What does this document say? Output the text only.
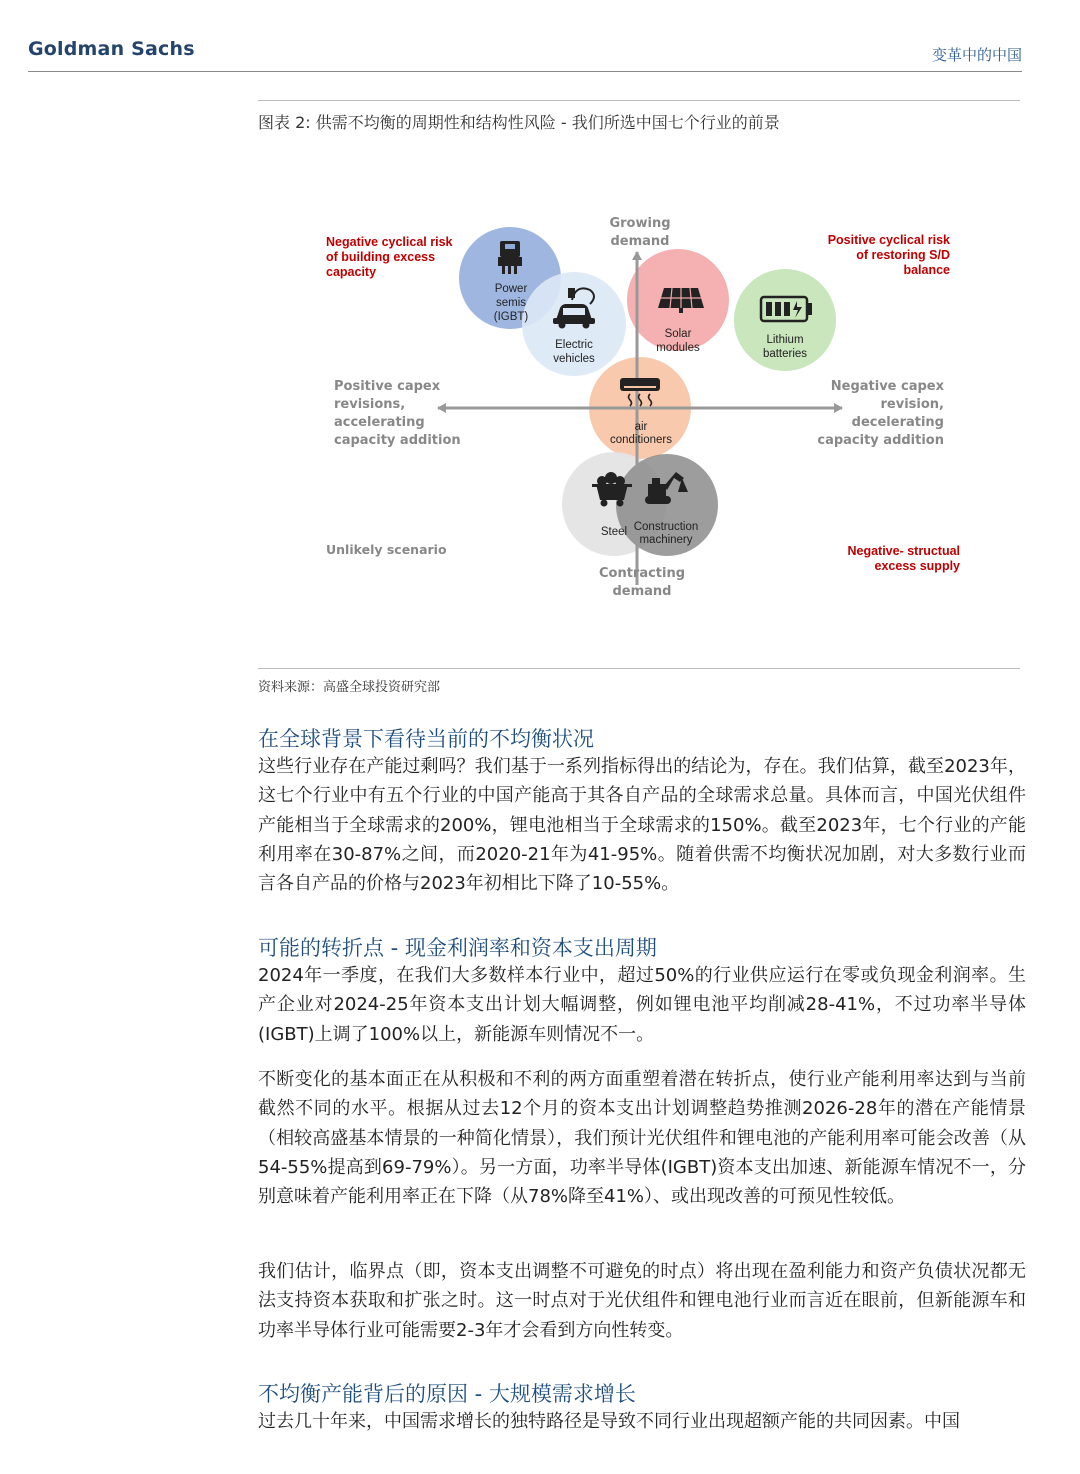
Goldman Sachs	变革中的中国
图表 2: 供需不均衡的周期性和结构性风险 - 我们所选中国七个行业的前景
Power
semis
(IGBT)
Electric
vehicles
Solar
modules
Lithium
batteries
air
conditioners
Steel Construction
machinery
Growing
demand
Contracting
demand
Positive capex
revisions,
accelerating
capacity addition
Negative capex
revision,
decelerating
capacity addition
Negative cyclical risk
of building excess
capacity
Positive cyclical risk
of restoring S/D
balance
Unlikely scenario	Negative- structual
excess supply
资料来源：高盛全球投资研究部
在全球背景下看待当前的不均衡状况

这些行业存在产能过剩吗？我们基于一系列指标得出的结论为，存在。我们估算，截至2023年，这七个行业中有五个行业的中国产能高于其各自产品的全球需求总量。具体而言，中国光伏组件产能相当于全球需求的200%，锂电池相当于全球需求的150%。截至2023年，七个行业的产能利用率在30-87%之间，而2020-21年为41-95%。随着供需不均衡状况加剧，对大多数行业而言各自产品的价格与2023年初相比下降了10-55%。

可能的转折点 - 现金利润率和资本支出周期

2024年一季度，在我们大多数样本行业中，超过50%的行业供应运行在零或负现金利润率。生产企业对2024-25年资本支出计划大幅调整，例如锂电池平均削减28-41%，不过功率半导体(IGBT)上调了100%以上，新能源车则情况不一。

不断变化的基本面正在从积极和不利的两方面重塑着潜在转折点，使行业产能利用率达到与当前截然不同的水平。根据从过去12个月的资本支出计划调整趋势推测2026-28年的潜在产能情景（相较高盛基本情景的一种简化情景），我们预计光伏组件和锂电池的产能利用率可能会改善（从54-55%提高到69-79%）。另一方面，功率半导体(IGBT)资本支出加速、新能源车情况不一，分别意味着产能利用率正在下降（从78%降至41%）、或出现改善的可预见性较低。

我们估计，临界点（即，资本支出调整不可避免的时点）将出现在盈利能力和资产负债状况都无法支持资本获取和扩张之时。这一时点对于光伏组件和锂电池行业而言近在眼前，但新能源车和功率半导体行业可能需要2-3年才会看到方向性转变。

不均衡产能背后的原因 - 大规模需求增长

过去几十年来，中国需求增长的独特路径是导致不同行业出现超额产能的共同因素。中国
